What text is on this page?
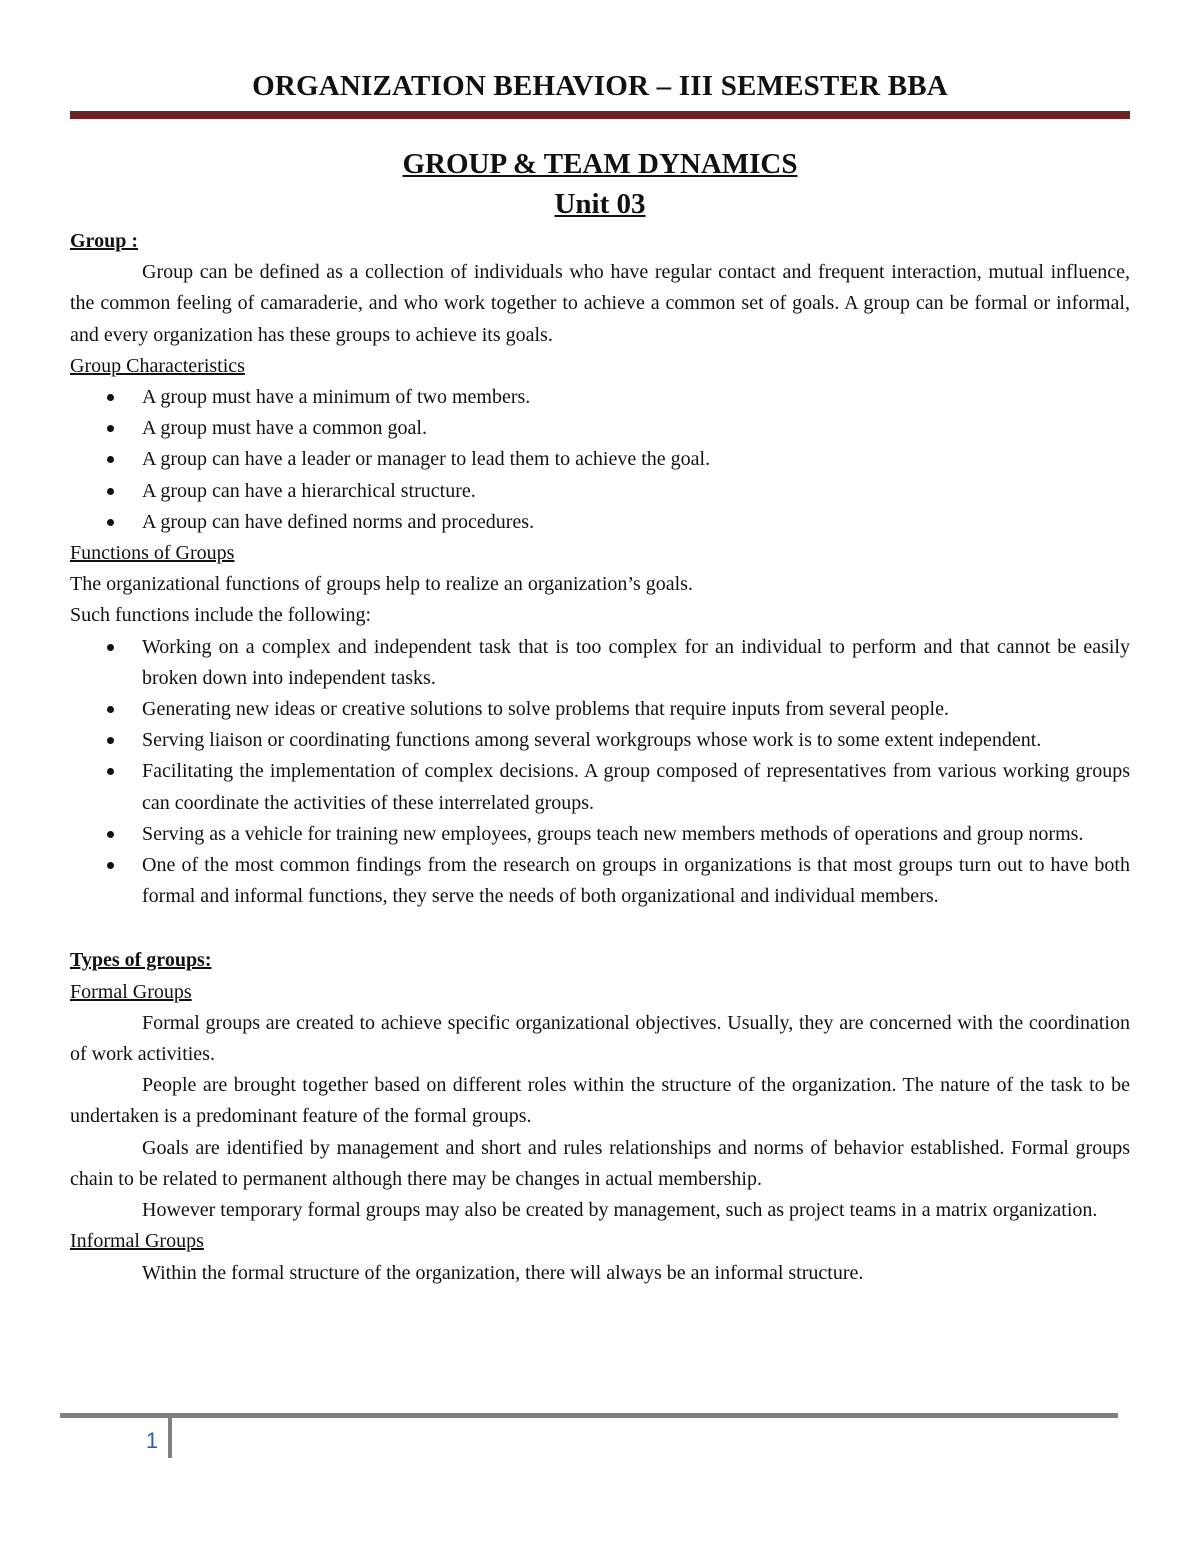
ORGANIZATION BEHAVIOR – III SEMESTER BBA
GROUP & TEAM DYNAMICS
Unit 03
Group :

Group can be defined as a collection of individuals who have regular contact and frequent interaction, mutual influence, the common feeling of camaraderie, and who work together to achieve a common set of goals. A group can be formal or informal, and every organization has these groups to achieve its goals.

Group Characteristics
A group must have a minimum of two members.
A group must have a common goal.
A group can have a leader or manager to lead them to achieve the goal.
A group can have a hierarchical structure.
A group can have defined norms and procedures.
Functions of Groups

The organizational functions of groups help to realize an organization’s goals.

Such functions include the following:

Working on a complex and independent task that is too complex for an individual to perform and that cannot be easily broken down into independent tasks.
Generating new ideas or creative solutions to solve problems that require inputs from several people.
Serving liaison or coordinating functions among several workgroups whose work is to some extent independent.
Facilitating the implementation of complex decisions. A group composed of representatives from various working groups can coordinate the activities of these interrelated groups.
Serving as a vehicle for training new employees, groups teach new members methods of operations and group norms.
One of the most common findings from the research on groups in organizations is that most groups turn out to have both formal and informal functions, they serve the needs of both organizational and individual members.
Types of groups:
Formal Groups

Formal groups are created to achieve specific organizational objectives. Usually, they are concerned with the coordination of work activities.

People are brought together based on different roles within the structure of the organization. The nature of the task to be undertaken is a predominant feature of the formal groups.

Goals are identified by management and short and rules relationships and norms of behavior established. Formal groups chain to be related to permanent although there may be changes in actual membership.

However temporary formal groups may also be created by management, such as project teams in a matrix organization.

Informal Groups

Within the formal structure of the organization, there will always be an informal structure.

1
